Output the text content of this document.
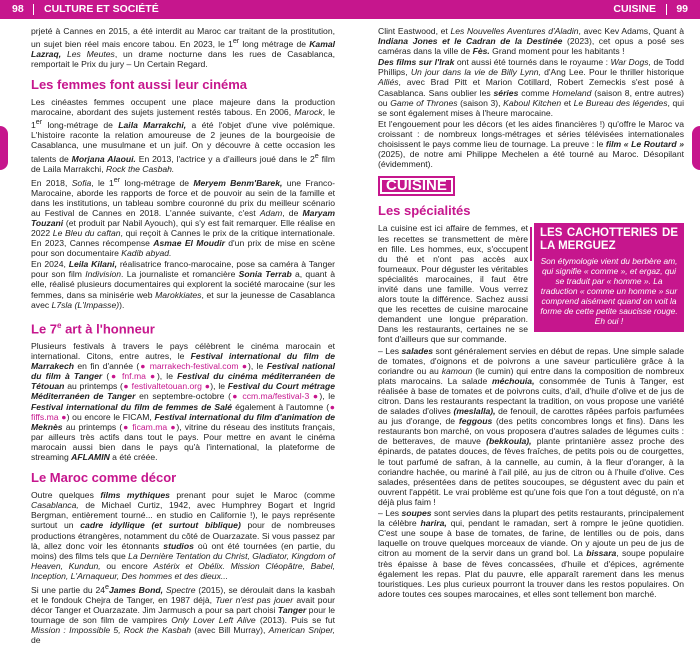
98 CULTURE ET SOCIÉTÉ

prjeté à Cannes en 2015, a été interdit au Maroc car traitant de la prostitution, un sujet bien réel mais encore tabou. En 2023, le 1er long métrage de Kamal Lazraq, Les Meutes, un drame nocturne dans les rues de Casablanca, remportait le Prix du jury – Un Certain Regard.

Les femmes font aussi leur cinéma

Les cinéastes femmes occupent une place majeure dans la production marocaine, abordant des sujets justement restés tabous. En 2006, Marock, le 1er long-métrage de Laila Marrakchi, a été l'objet d'une vive polémique. L'histoire raconte la relation amoureuse de 2 jeunes de la bourgeoisie de Casablanca, une musulmane et un juif. On y découvre à cette occasion les talents de Morjana Alaoui. En 2013, l'actrice y a d'ailleurs joué dans le 2e film de Laila Marrakchi, Rock the Casbah.

En 2018, Sofia, le 1er long-métrage de Meryem Benm'Barek, une Franco-Marocaine, aborde les rapports de force et de pouvoir au sein de la famille et dans les institutions, un tableau sombre couronné du prix du meilleur scénario au Festival de Cannes en 2018. L'année suivante, c'est Adam, de Maryam Touzani (et produit par Nabil Ayouch), qui s'y est fait remarquer. Elle réalise en 2022 Le Bleu du caftan, qui reçoit à Cannes le prix de la critique internationale. En 2023, Cannes récompense Asmae El Moudir d'un prix de mise en scène pour son documentaire Kadib abyad.

En 2024, Leila Kilani, réalisatrice franco-marocaine, pose sa caméra à Tanger pour son film Indivision. La journaliste et romancière Sonia Terrab a, quant à elle, réalisé plusieurs documentaires qui explorent la société marocaine (sur les femmes, dans sa minisérie web Marokkiates, et sur la jeunesse de Casablanca avec L7sla (L'Impasse)).

Le 7e art à l'honneur

Plusieurs festivals à travers le pays célèbrent le cinéma marocain et international. Citons, entre autres, le Festival international du film de Marrakech en fin d'année (● marrakech-festival.com ●), le Festival national du film à Tanger (● fnf.ma ●), le Festival du cinéma méditerranéen de Tétouan au printemps (● festivaltetouan.org ●), le Festival du Court métrage Méditerranéen de Tanger en septembre-octobre (● ccm.ma/festival-3 ●), le Festival international du film de femmes de Salé également à l'automne (● fiffs.ma ●) ou encore le FICAM, Festival international du film d'animation de Meknès au printemps (● ficam.ma ●), vitrine du réseau des instituts français, par ailleurs très actifs dans tout le pays. Pour mettre en avant le cinéma marocain aussi bien dans le pays qu'à l'international, la plateforme de streaming AFLAMIN a été créée.

Le Maroc comme décor

Outre quelques films mythiques prenant pour sujet le Maroc (comme Casablanca, de Michael Curtiz, 1942, avec Humphrey Bogart et Ingrid Bergman, entièrement tourné... en studio en Californie !), le pays représente surtout un cadre idyllique (et surtout biblique) pour de nombreuses productions étrangères, notamment du côté de Ouarzazate. Si vous passez par là, allez donc voir les étonnants studios où ont été tournées (en partie, du moins) des films tels que La Dernière Tentation du Christ, Gladiator, Kingdom of Heaven, Kundun, ou encore Astérix et Obélix. Mission Cléopâtre, Babel, Inception, L'Arnaqueur, Des hommes et des dieux...

Si une partie du 24eJames Bond, Spectre (2015), se déroulait dans la kasbah et le fondouk Chejra de Tanger, en 1987 déjà, Tuer n'est pas jouer avait pour décor Tanger et Ouarzazate. Jim Jarmusch a pour sa part choisi Tanger pour le tournage de son film de vampires Only Lover Left Alive (2013). Puis se fut Mission : Impossible 5, Rock the Kasbah (avec Bill Murray), American Sniper, de

CUISINE 99

Clint Eastwood, et Les Nouvelles Aventures d'Aladin, avec Kev Adams, Quant à Indiana Jones et le Cadran de la Destinée (2023), cet opus a posé ses caméras dans la ville de Fès. Grand moment pour les habitants !

Des films sur l'Irak ont aussi été tournés dans le royaume : War Dogs, de Todd Phillips, Un jour dans la vie de Billy Lynn, d'Ang Lee. Pour le thriller historique Alliés, avec Brad Pitt et Marion Cotillard, Robert Zemeckis s'est posé à Casablanca. Sans oublier les séries comme Homeland (saison 8, entre autres) ou Game of Thrones (saison 3), Kaboul Kitchen et Le Bureau des légendes, qui se sont également mises à l'heure marocaine.

Et l'engouement pour les décors (et les aides financières !) qu'offre le Maroc va croissant : de nombreux longs-métrages et séries télévisées internationales choisissent le pays comme lieu de tournage. La preuve : le film « Le Routard » (2025), de notre ami Philippe Mechelen a été tourné au Maroc. Désopilant (évidemment).

CUISINE
Les spécialités
LES CACHOTTERIES DE LA MERGUEZ
Son étymologie vient du berbère am, qui signifie « comme », et ergaz, qui se traduit par « homme ». La traduction « comme un homme » sur comprend aisément quand on voit la forme de cette petite saucisse rouge. Eh oui !

La cuisine est ici affaire de femmes, et les recettes se transmettent de mère en fille. Les hommes, eux, s'occupent du thé et n'ont pas accès aux fourneaux. Pour déguster les véritables spécialités marocaines, il faut être invité dans une famille. Vous verrez alors toute la différence. Sachez aussi que les recettes de cuisine marocaine demandent une longue préparation. Dans les restaurants, certaines ne se font d'ailleurs que sur commande.

– Les salades sont généralement servies en début de repas. Une simple salade de tomates, d'oignons et de poivrons a une saveur particulière grâce à la coriandre ou au kamoun (le cumin) qui entre dans la composition de nombreux plats marocains. La salade méchouia, consommée de Tunis à Tanger, est réalisée à base de tomates et de poivrons cuits, d'ail, d'huile d'olive et de jus de citron. Dans les restaurants respectant la tradition, on vous propose une variété de salades d'olives (meslalla), de fenouil, de carottes râpées parfois parfumées au jus d'orange, de feggous (des petits concombres longs et fins). Dans les restaurants bon marché, on vous proposera d'autres salades de légumes cuits : de betteraves, de mauve (bekkoula), plante printanière assez proche des épinards, de patates douces, de fèves fraîches, de petits pois ou de courgettes, le tout parfumé de safran, à la cannelle, au cumin, à la fleur d'oranger, à la coriandre hachée, ou mariné à l'ail pilé, au jus de citron ou à l'huile d'olive. Ces salades, présentées dans de petites soucoupes, se dégustent avec du pain et ouvrent l'appétit. Le vrai problème est qu'une fois que l'on a tout dégusté, on n'a déjà plus faim !

– Les soupes sont servies dans la plupart des petits restaurants, principalement la célèbre harira, qui, pendant le ramadan, sert à rompre le jeûne quotidien. C'est une soupe à base de tomates, de farine, de lentilles ou de pois, dans laquelle on trouve quelques morceaux de viande. On y ajoute un peu de jus de citron au moment de la servir dans un grand bol. La bissara, soupe populaire très épaisse à base de fèves concassées, d'huile et d'épices, agrémente également les repas. Plat du pauvre, elle apparaît rarement dans les menus touristiques. Les plus curieux pourront la trouver dans les restos populaires. On adore toutes ces soupes marocaines, et elles sont tellement bon marché.
